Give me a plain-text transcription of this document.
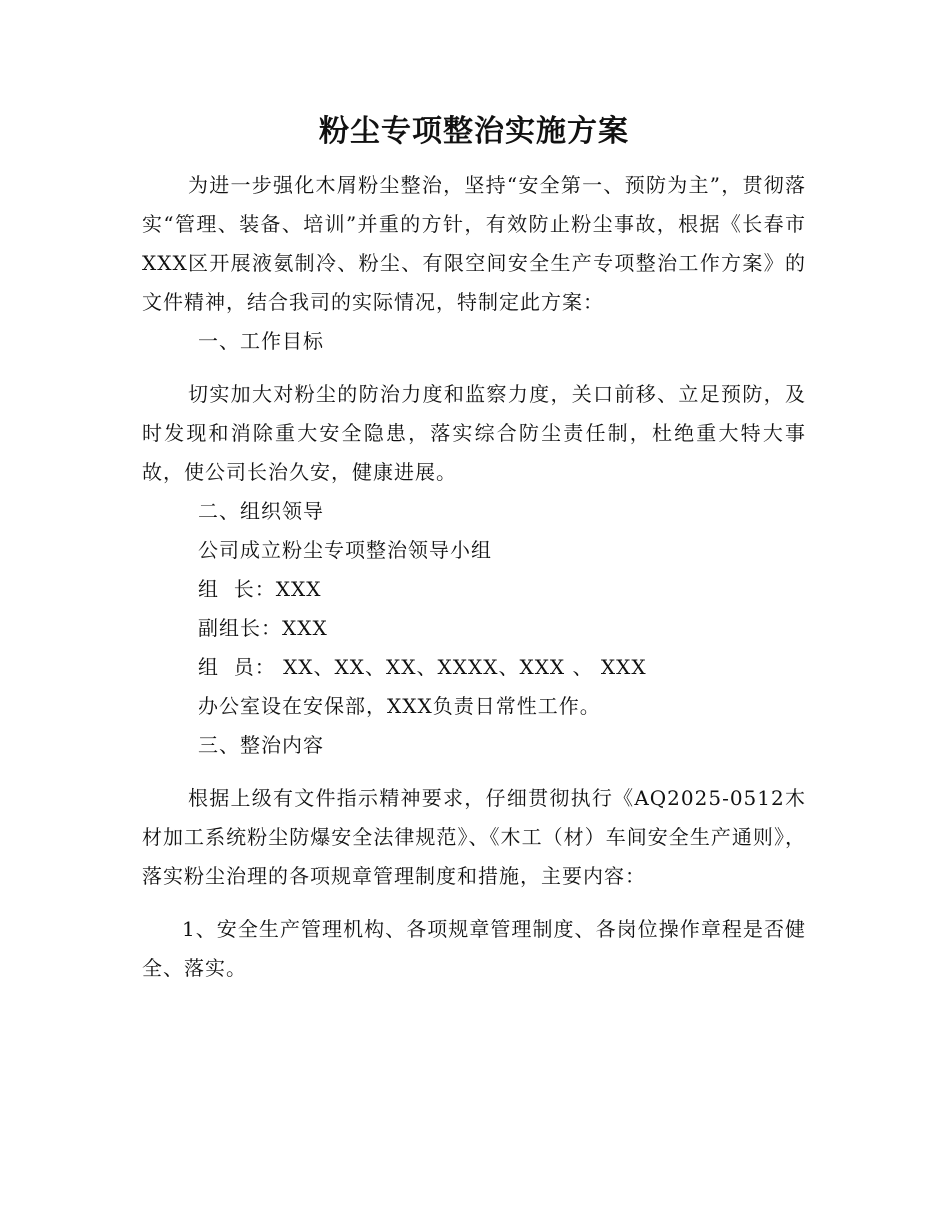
粉尘专项整治实施方案

为进一步强化木屑粉尘整治，坚持“安全第一、预防为主”，贯彻落实“管理、装备、培训”并重的方针，有效防止粉尘事故，根据《长春市XXX区开展液氨制冷、粉尘、有限空间安全生产专项整治工作方案》的文件精神，结合我司的实际情况，特制定此方案：

一、工作目标

切实加大对粉尘的防治力度和监察力度，关口前移、立足预防，及时发现和消除重大安全隐患，落实综合防尘责任制，杜绝重大特大事故，使公司长治久安，健康进展。

二、组织领导

公司成立粉尘专项整治领导小组

组  长：XXX

副组长：XXX

组  员： XX、XX、XX、XXXX、XXX 、 XXX

办公室设在安保部，XXX负责日常性工作。

三、整治内容

根据上级有文件指示精神要求，仔细贯彻执行《AQ2025-0512木材加工系统粉尘防爆安全法律规范》、《木工（材）车间安全生产通则》，落实粉尘治理的各项规章管理制度和措施，主要内容：

1、安全生产管理机构、各项规章管理制度、各岗位操作章程是否健全、落实。
